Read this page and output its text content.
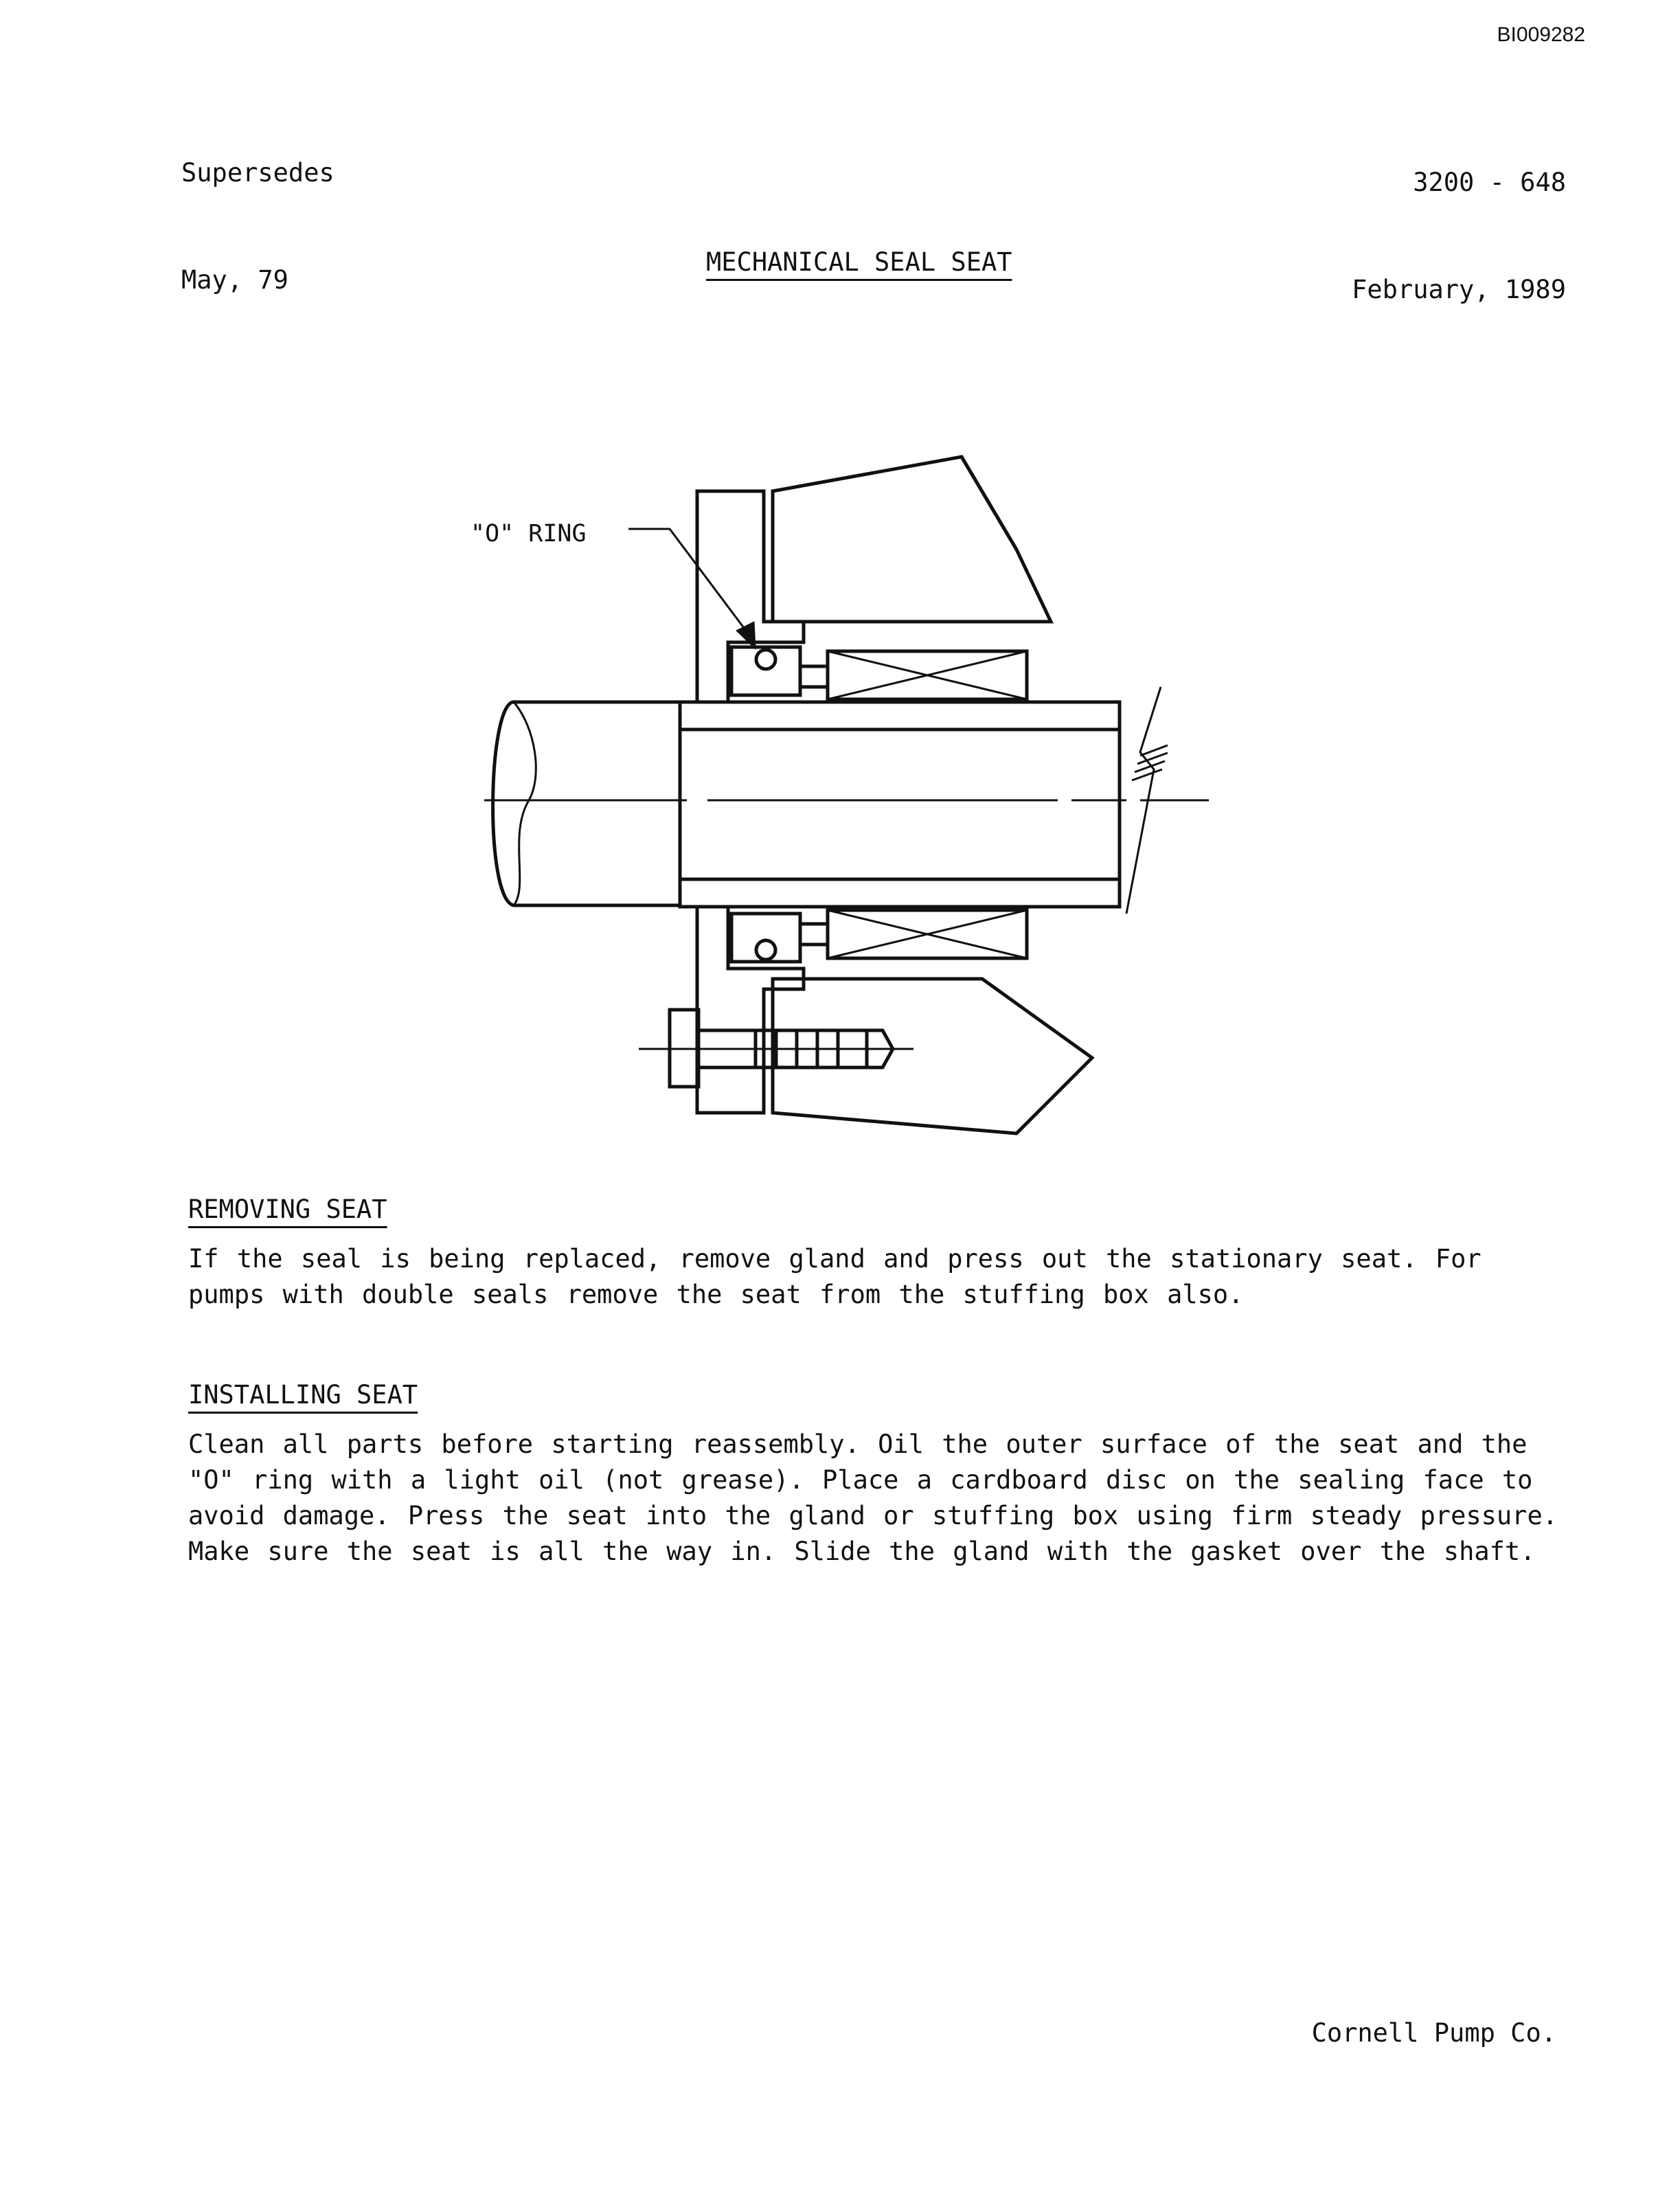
BI009282

Supersedes

May, 79

3200 - 648

February, 1989

MECHANICAL SEAL SEAT
"O" RING
REMOVING SEAT
If the seal is being replaced, remove gland and press out the stationary seat. For pumps with double seals remove the seat from the stuffing box also.
INSTALLING SEAT
Clean all parts before starting reassembly. Oil the outer surface of the seat and the "O" ring with a light oil (not grease). Place a cardboard disc on the sealing face to avoid damage. Press the seat into the gland or stuffing box using firm steady pressure. Make sure the seat is all the way in. Slide the gland with the gasket over the shaft.
Cornell Pump Co.
